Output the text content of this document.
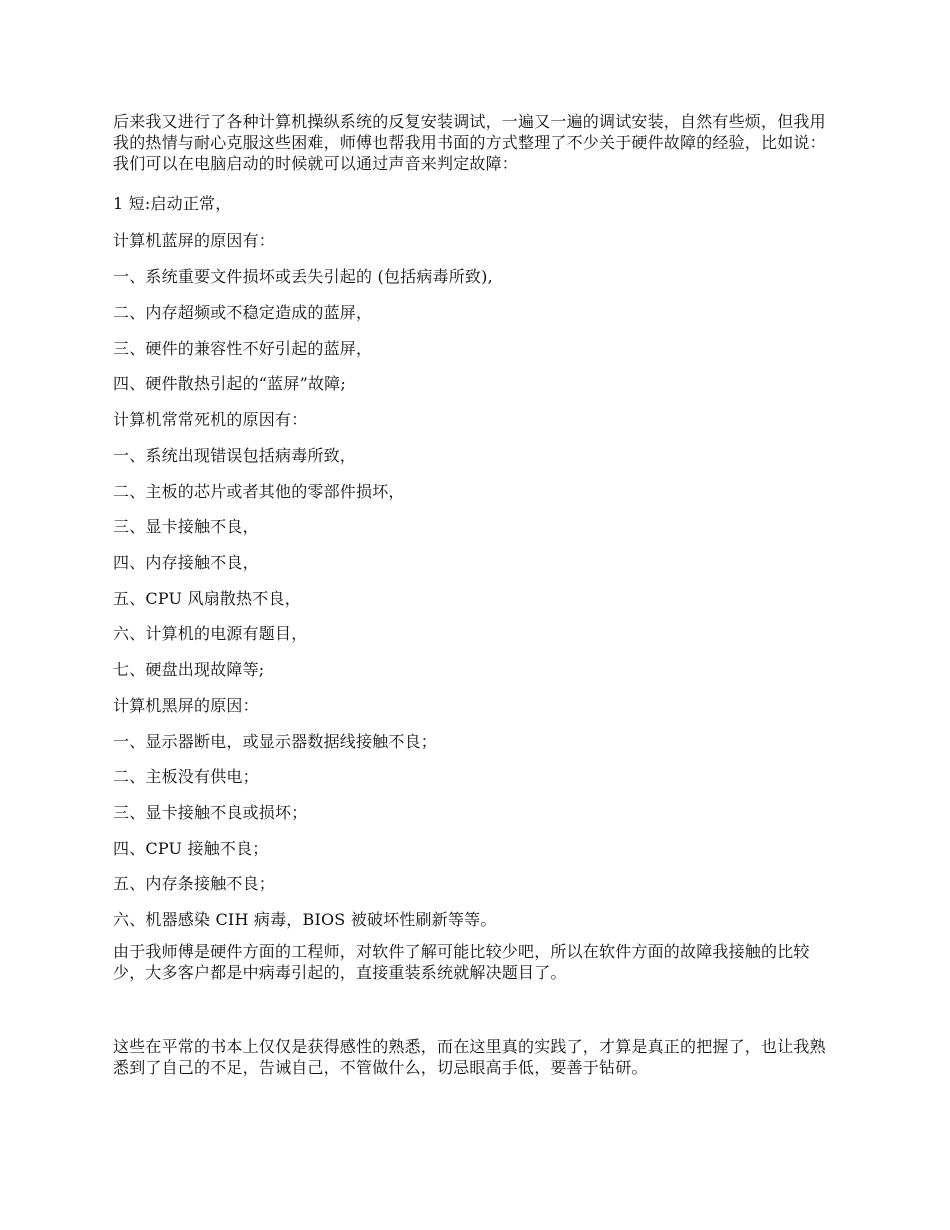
后来我又进行了各种计算机操纵系统的反复安装调试，一遍又一遍的调试安装，自然有些烦，但我用我的热情与耐心克服这些困难，师傅也帮我用书面的方式整理了不少关于硬件故障的经验，比如说：我们可以在电脑启动的时候就可以通过声音来判定故障：
1 短:启动正常，
计算机蓝屏的原因有：
一、系统重要文件损坏或丢失引起的 (包括病毒所致),
二、内存超频或不稳定造成的蓝屏，
三、硬件的兼容性不好引起的蓝屏，
四、硬件散热引起的“蓝屏”故障;
计算机常常死机的原因有：
一、系统出现错误包括病毒所致，
二、主板的芯片或者其他的零部件损坏，
三、显卡接触不良，
四、内存接触不良，
五、CPU 风扇散热不良，
六、计算机的电源有题目，
七、硬盘出现故障等;
计算机黑屏的原因：
一、显示器断电，或显示器数据线接触不良；
二、主板没有供电；
三、显卡接触不良或损坏；
四、CPU 接触不良；
五、内存条接触不良；
六、机器感染 CIH 病毒，BIOS 被破坏性刷新等等。
由于我师傅是硬件方面的工程师，对软件了解可能比较少吧，所以在软件方面的故障我接触的比较少，大多客户都是中病毒引起的，直接重装系统就解决题目了。
这些在平常的书本上仅仅是获得感性的熟悉，而在这里真的实践了，才算是真正的把握了，也让我熟悉到了自己的不足，告诫自己，不管做什么，切忌眼高手低，要善于钻研。
